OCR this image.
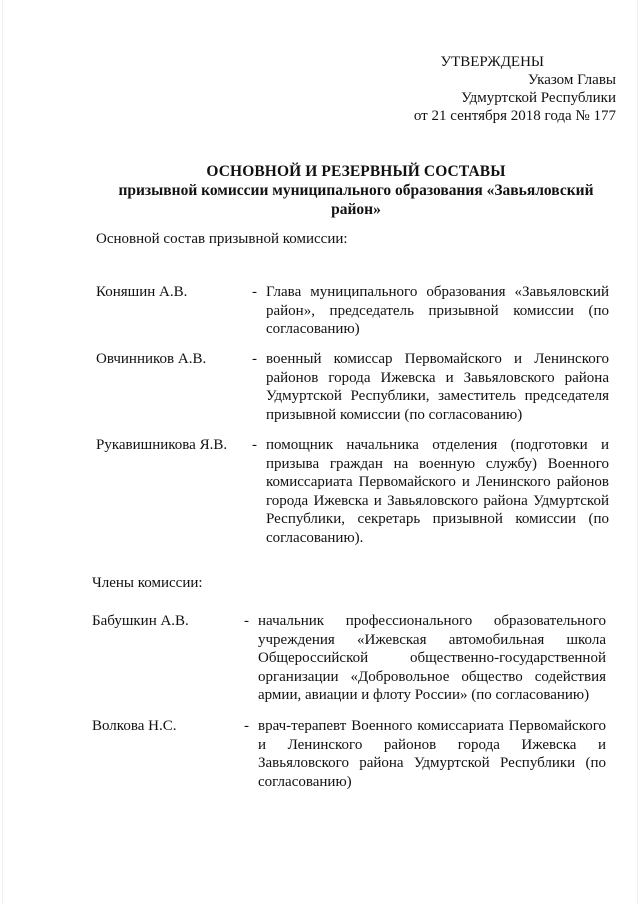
УТВЕРЖДЕНЫ
Указом Главы
Удмуртской Республики
от 21 сентября 2018 года № 177
ОСНОВНОЙ И РЕЗЕРВНЫЙ СОСТАВЫ
призывной комиссии муниципального образования «Завьяловский район»
Основной состав призывной комиссии:
Коняшин А.В.	- Глава муниципального образования «Завьяловский район», председатель призывной комиссии (по согласованию)
Овчинников А.В.	- военный комиссар Первомайского и Ленинского районов города Ижевска и Завьяловского района Удмуртской Республики, заместитель председателя призывной комиссии (по согласованию)
Рукавишникова Я.В.	- помощник начальника отделения (подготовки и призыва граждан на военную службу) Военного комиссариата Первомайского и Ленинского районов города Ижевска и Завьяловского района Удмуртской Республики, секретарь призывной комиссии (по согласованию).
Члены комиссии:
Бабушкин А.В.	- начальник профессионального образовательного учреждения «Ижевская автомобильная школа Общероссийской общественно-государственной организации «Добровольное общество содействия армии, авиации и флоту России» (по согласованию)
Волкова Н.С.	- врач-терапевт Военного комиссариата Первомайского и Ленинского районов города Ижевска и Завьяловского района Удмуртской Республики (по согласованию)
